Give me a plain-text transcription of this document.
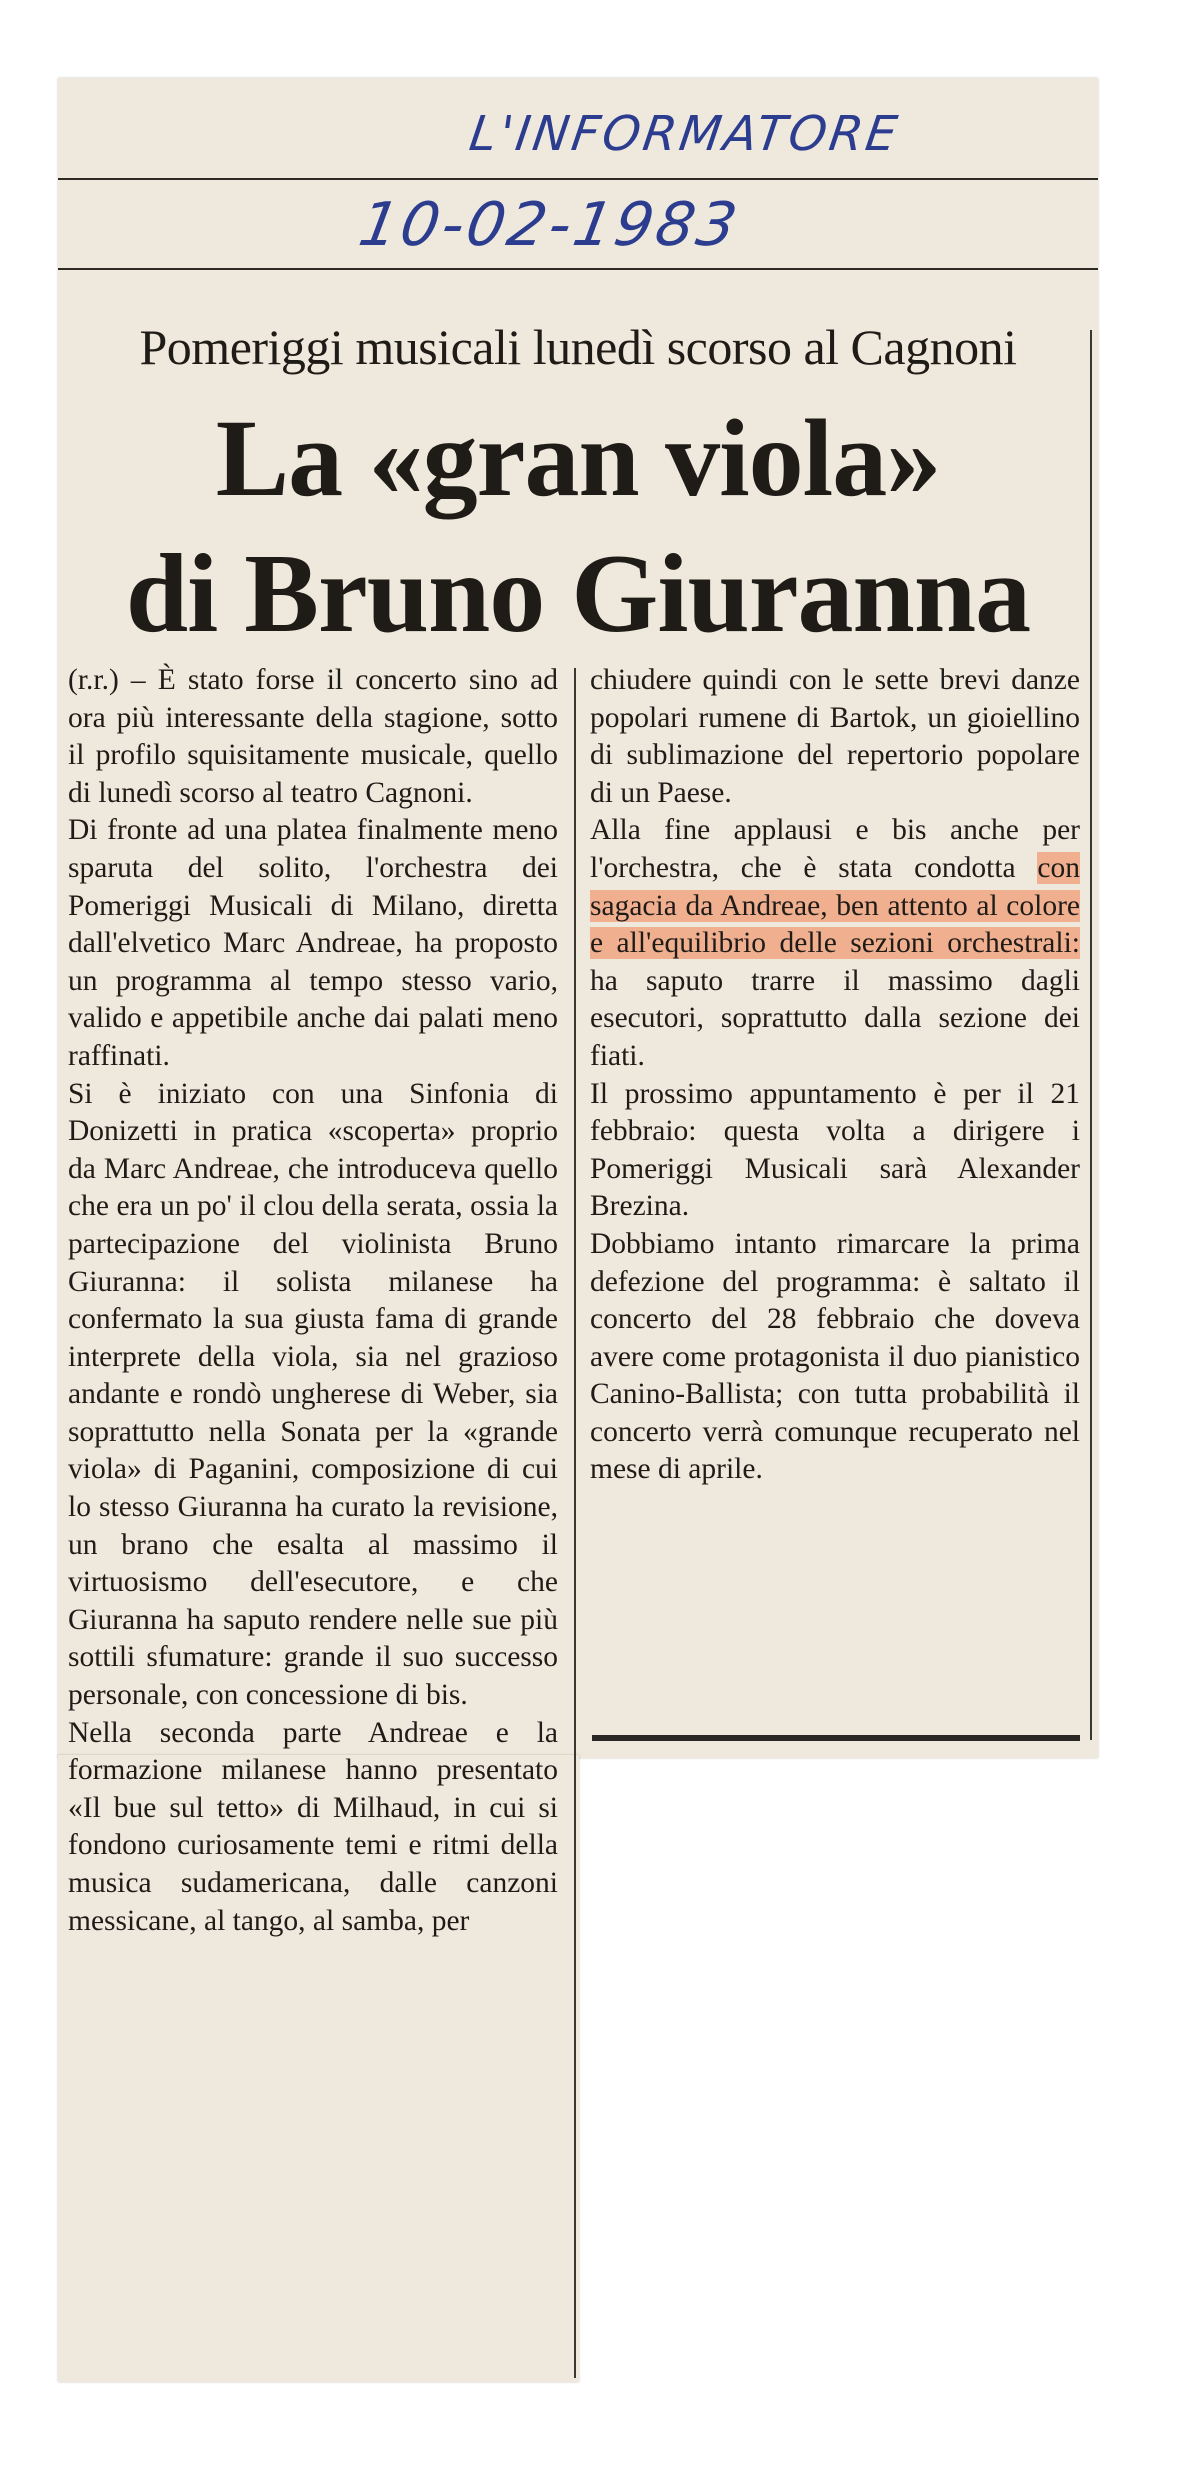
L'INFORMATORE
10-02-1983
Pomeriggi musicali lunedì scorso al Cagnoni
La «gran viola»
di Bruno Giuranna

(r.r.) – È stato forse il concerto sino ad ora più interessante della stagione, sotto il profilo squisitamente musicale, quello di lunedì scorso al teatro Cagnoni.

Di fronte ad una platea finalmente meno sparuta del solito, l'orchestra dei Pomeriggi Musicali di Milano, diretta dall'elvetico Marc Andreae, ha proposto un programma al tempo stesso vario, valido e appetibile anche dai palati meno raffinati.

Si è iniziato con una Sinfonia di Donizetti in pratica «scoperta» proprio da Marc Andreae, che introduceva quello che era un po' il clou della serata, ossia la partecipazione del violinista Bruno Giuranna: il solista milanese ha confermato la sua giusta fama di grande interprete della viola, sia nel grazioso andante e rondò ungherese di Weber, sia soprattutto nella Sonata per la «grande viola» di Paganini, composizione di cui lo stesso Giuranna ha curato la revisione, un brano che esalta al massimo il virtuosismo dell'esecutore, e che Giuranna ha saputo rendere nelle sue più sottili sfumature: grande il suo successo personale, con concessione di bis.

Nella seconda parte Andreae e la formazione milanese hanno presentato «Il bue sul tetto» di Milhaud, in cui si fondono curiosamente temi e ritmi della musica sudamericana, dalle canzoni messicane, al tango, al samba, per

chiudere quindi con le sette brevi danze popolari rumene di Bartok, un gioiellino di sublimazione del repertorio popolare di un Paese.

Alla fine applausi e bis anche per l'orchestra, che è stata condotta con sagacia da Andreae, ben attento al colore e all'equilibrio delle sezioni orchestrali: ha saputo trarre il massimo dagli esecutori, soprattutto dalla sezione dei fiati.

Il prossimo appuntamento è per il 21 febbraio: questa volta a dirigere i Pomeriggi Musicali sarà Alexander Brezina.

Dobbiamo intanto rimarcare la prima defezione del programma: è saltato il concerto del 28 febbraio che doveva avere come protagonista il duo pianistico Canino-Ballista; con tutta probabilità il concerto verrà comunque recuperato nel mese di aprile.
